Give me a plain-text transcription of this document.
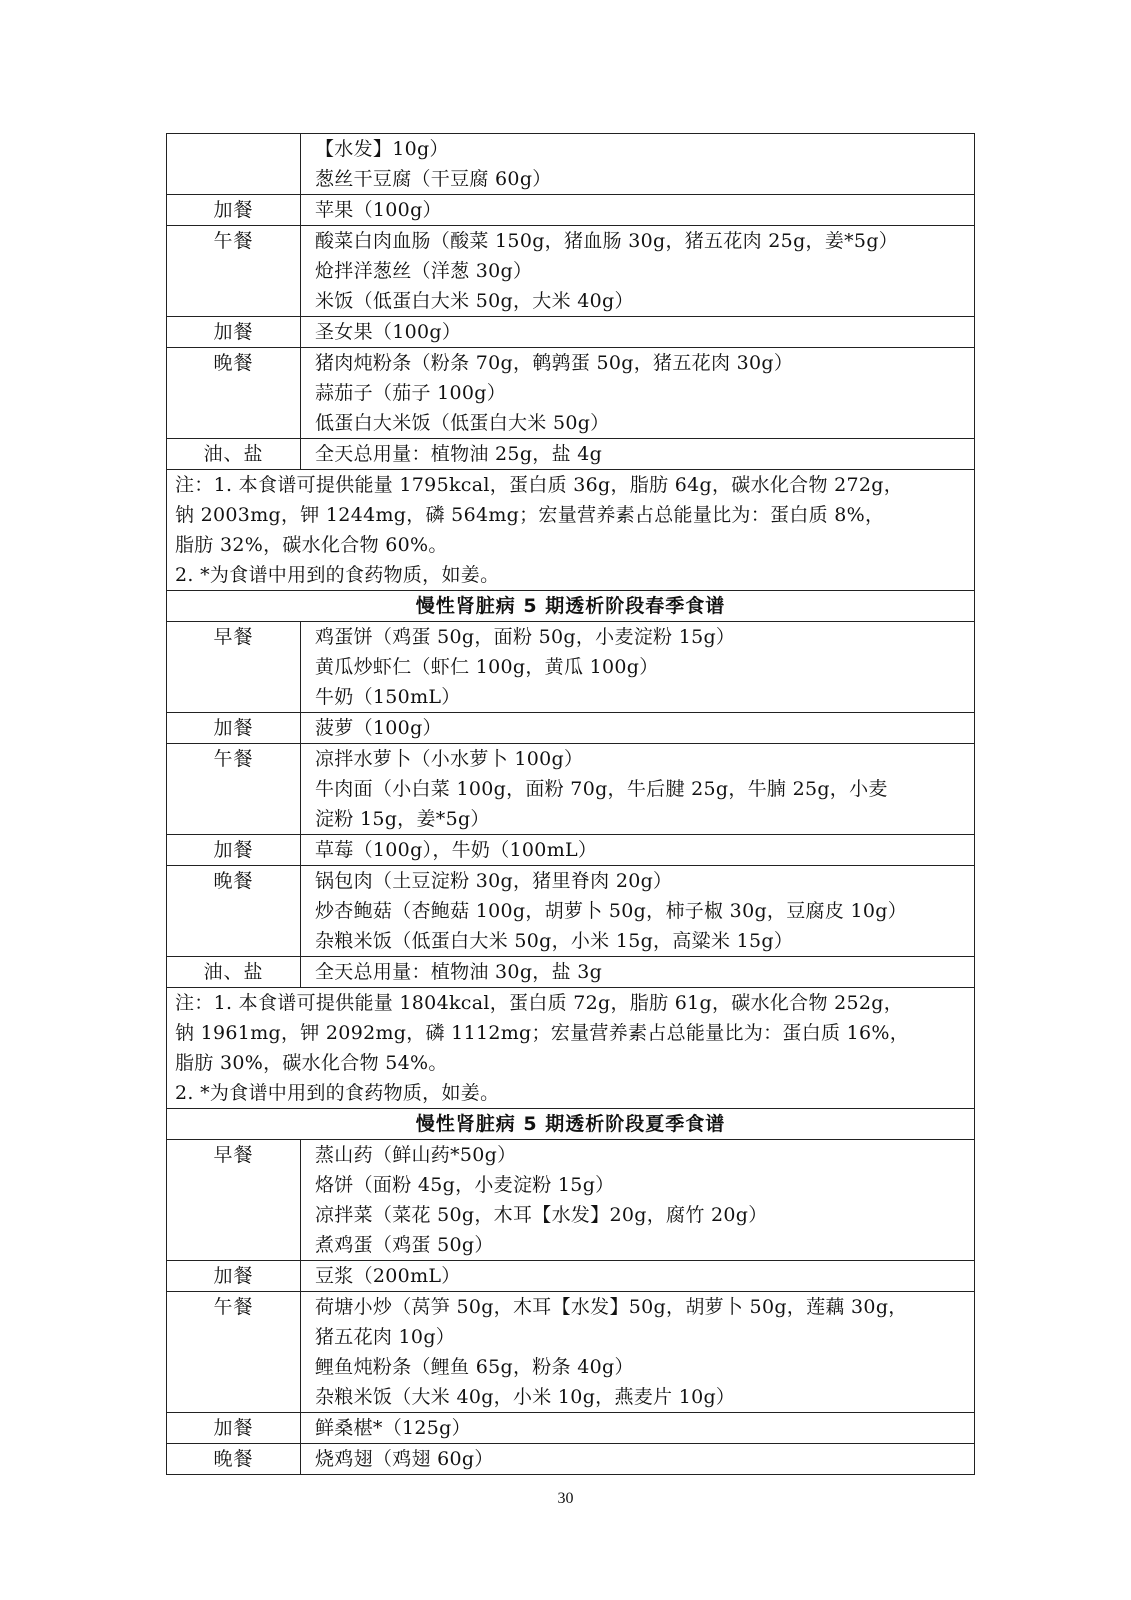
	【水发】10g）
葱丝干豆腐（干豆腐 60g）

加餐	苹果（100g）

午餐	酸菜白肉血肠（酸菜 150g，猪血肠 30g，猪五花肉 25g，姜*5g）
炝拌洋葱丝（洋葱 30g）
米饭（低蛋白大米 50g，大米 40g）

加餐	圣女果（100g）

晚餐	猪肉炖粉条（粉条 70g，鹌鹑蛋 50g，猪五花肉 30g）
蒜茄子（茄子 100g）
低蛋白大米饭（低蛋白大米 50g）

油、盐	全天总用量：植物油 25g，盐 4g

注：1. 本食谱可提供能量 1795kcal，蛋白质 36g，脂肪 64g，碳水化合物 272g，
钠 2003mg，钾 1244mg，磷 564mg；宏量营养素占总能量比为：蛋白质 8%，
脂肪 32%，碳水化合物 60%。
2. *为食谱中用到的食药物质，如姜。	

慢性肾脏病 5 期透析阶段春季食谱	

早餐	鸡蛋饼（鸡蛋 50g，面粉 50g，小麦淀粉 15g）
黄瓜炒虾仁（虾仁 100g，黄瓜 100g）
牛奶（150mL）

加餐	菠萝（100g）

午餐	凉拌水萝卜（小水萝卜 100g）
牛肉面（小白菜 100g，面粉 70g，牛后腱 25g，牛腩 25g，小麦
淀粉 15g，姜*5g）

加餐	草莓（100g），牛奶（100mL）

晚餐	锅包肉（土豆淀粉 30g，猪里脊肉 20g）
炒杏鲍菇（杏鲍菇 100g，胡萝卜 50g，柿子椒 30g，豆腐皮 10g）
杂粮米饭（低蛋白大米 50g，小米 15g，高粱米 15g）

油、盐	全天总用量：植物油 30g，盐 3g

注：1. 本食谱可提供能量 1804kcal，蛋白质 72g，脂肪 61g，碳水化合物 252g，
钠 1961mg，钾 2092mg，磷 1112mg；宏量营养素占总能量比为：蛋白质 16%，
脂肪 30%，碳水化合物 54%。
2. *为食谱中用到的食药物质，如姜。	

慢性肾脏病 5 期透析阶段夏季食谱	

早餐	蒸山药（鲜山药*50g）
烙饼（面粉 45g，小麦淀粉 15g）
凉拌菜（菜花 50g，木耳【水发】20g，腐竹 20g）
煮鸡蛋（鸡蛋 50g）

加餐	豆浆（200mL）

午餐	荷塘小炒（莴笋 50g，木耳【水发】50g，胡萝卜 50g，莲藕 30g，
猪五花肉 10g）
鲤鱼炖粉条（鲤鱼 65g，粉条 40g）
杂粮米饭（大米 40g，小米 10g，燕麦片 10g）

加餐	鲜桑椹*（125g）

晚餐	烧鸡翅（鸡翅 60g）
30
